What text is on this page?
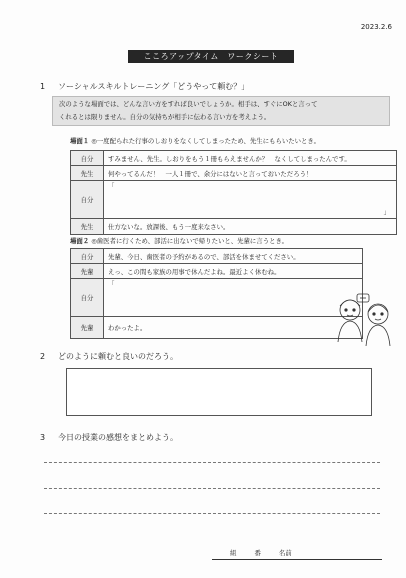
2023.2.6
こころアップタイム　ワークシート
1 ソーシャルスキルトレーニング「どうやって頼む？」
次のような場面では、どんな言い方をすれば良いでしょうか。相手は、すぐにOKと言って
くれるとは限りません。自分の気持ちが相手に伝わる言い方を考えよう。
場面１ ◎一度配られた行事のしおりをなくしてしまったため、先生にもらいたいとき。
自分	すみません、先生。しおりをもう１冊もらえませんか？　なくしてしまったんです。
先生	何やってるんだ！　一人１冊で、余分にはないと言っておいただろう！
自分	「
」

先生	仕方ないな。放課後、もう一度来なさい。
場面２ ◎歯医者に行くため、部活に出ないで帰りたいと、先輩に言うとき。
自分	先輩、今日、歯医者の予約があるので、部活を休ませてください。
先輩	えっ、この間も家族の用事で休んだよね。最近よく休むね。
自分	「
先輩	わかったよ。
2 どのように頼むと良いのだろう。
3 今日の授業の感想をまとめよう。
組	番	名前
